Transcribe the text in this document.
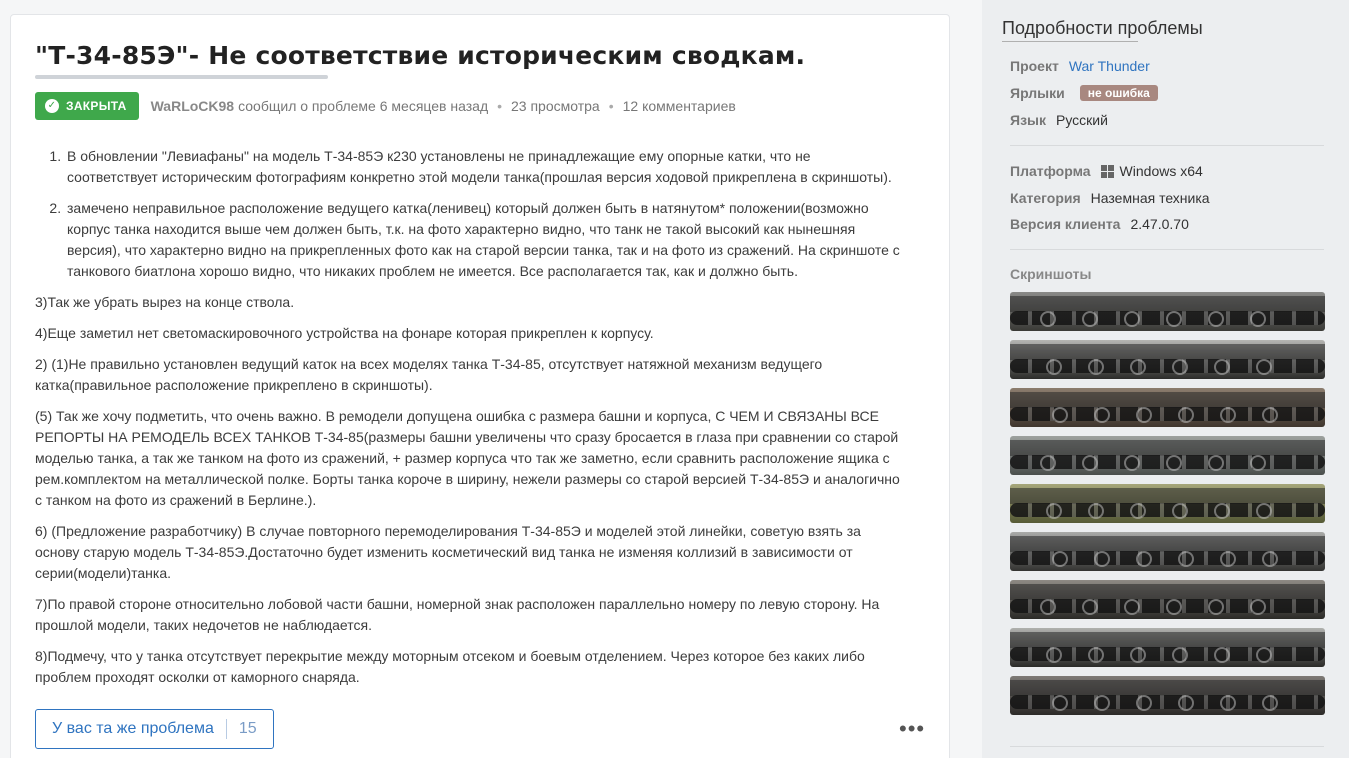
"Т-34-85Э"- Не соответствие историческим сводкам.
✓ ЗАКРЫТА WaRLoCK98 сообщил о проблеме 6 месяцев назад • 23 просмотра • 12 комментариев
1. В обновлении "Левиафаны" на модель Т-34-85Э к230 установлены не принадлежащие ему опорные катки, что не соответствует историческим фотографиям конкретно этой модели танка(прошлая версия ходовой прикреплена в скриншоты).
2. замечено неправильное расположение ведущего катка(ленивец) который должен быть в натянутом* положении(возможно корпус танка находится выше чем должен быть, т.к. на фото характерно видно, что танк не такой высокий как нынешняя версия), что характерно видно на прикрепленных фото как на старой версии танка, так и на фото из сражений. На скриншоте с танкового биатлона хорошо видно, что никаких проблем не имеется. Все располагается так, как и должно быть.

3)Так же убрать вырез на конце ствола.

4)Еще заметил нет светомаскировочного устройства на фонаре которая прикреплен к корпусу.

2) (1)Не правильно установлен ведущий каток на всех моделях танка Т-34-85, отсутствует натяжной механизм ведущего катка(правильное расположение прикреплено в скриншоты).

(5) Так же хочу подметить, что очень важно. В ремодели допущена ошибка с размера башни и корпуса, С ЧЕМ И СВЯЗАНЫ ВСЕ РЕПОРТЫ НА РЕМОДЕЛЬ ВСЕХ ТАНКОВ Т-34-85(размеры башни увеличены что сразу бросается в глаза при сравнении со старой моделью танка, а так же танком на фото из сражений, + размер корпуса что так же заметно, если сравнить расположение ящика с рем.комплектом на металлической полке. Борты танка короче в ширину, нежели размеры со старой версией Т-34-85Э и аналогично с танком на фото из сражений в Берлине.).

6) (Предложение разработчику) В случае повторного перемоделирования Т-34-85Э и моделей этой линейки, советую взять за основу старую модель Т-34-85Э.Достаточно будет изменить косметический вид танка не изменяя коллизий в зависимости от серии(модели)танка.

7)По правой стороне относительно лобовой части башни, номерной знак расположен параллельно номеру по левую сторону. На прошлой модели, таких недочетов не наблюдается.

8)Подмечу, что у танка отсутствует перекрытие между моторным отсеком и боевым отделением. Через которое без каких либо проблем проходят осколки от каморного снаряда.

У вас та же проблема 15	•••
Подробности проблемы
Проект War Thunder
Ярлыки	не ошибка
Язык Русский
Платформа Windows x64
Категория Наземная техника
Версия клиента 2.47.0.70
Скриншоты
